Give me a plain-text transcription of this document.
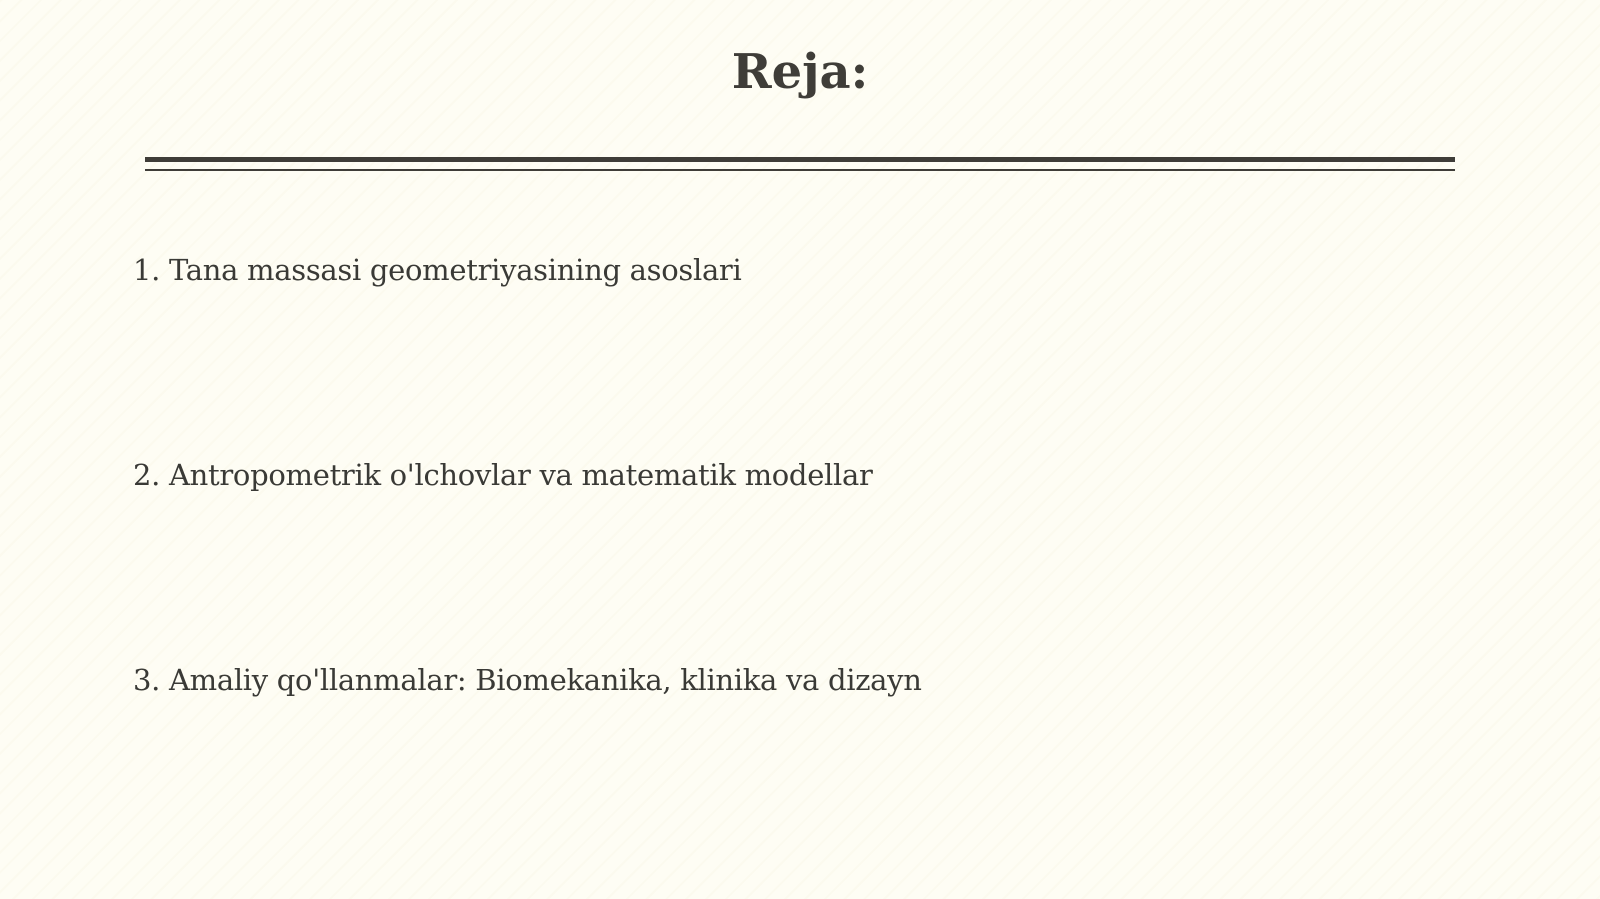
Reja:
1. Tana massasi geometriyasining asoslari
2. Antropometrik o'lchovlar va matematik modellar
3. Amaliy qo'llanmalar: Biomekanika, klinika va dizayn
